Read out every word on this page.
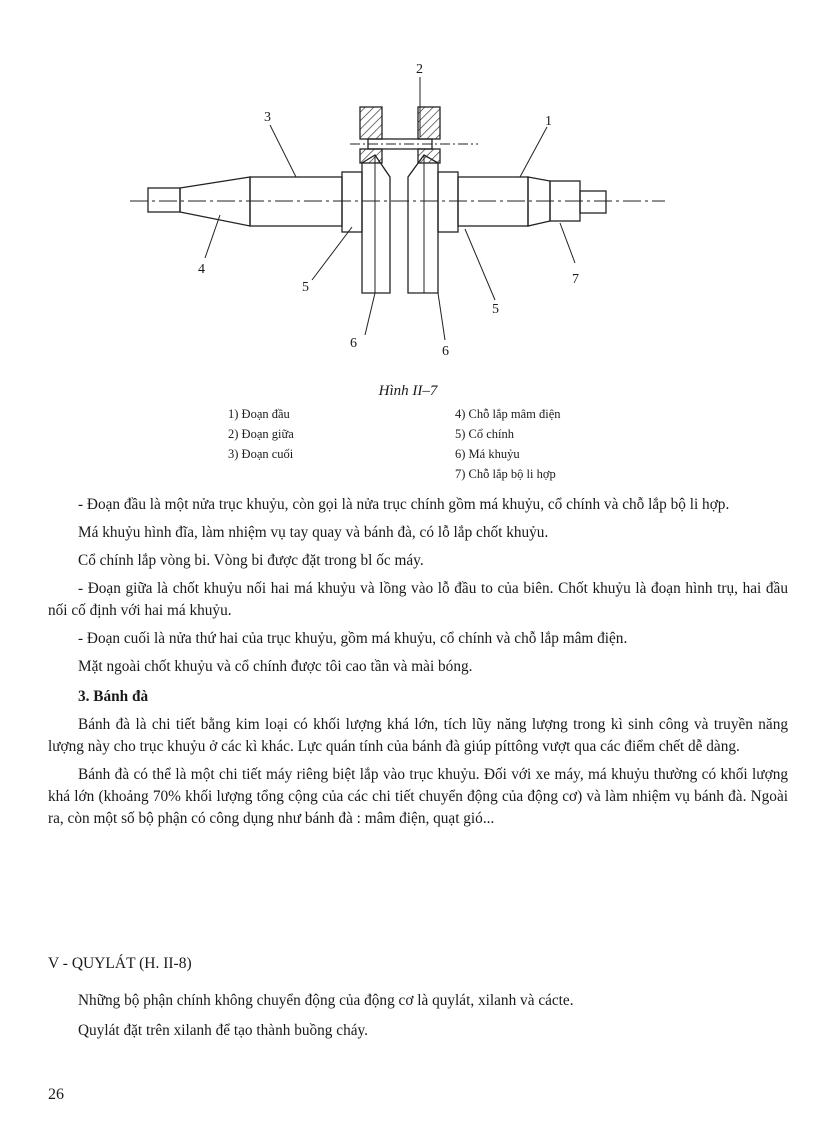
2
3	1
4
5
6
6
5
7
Hình II–7
1) Đoạn đầu
2) Đoạn giữa
3) Đoạn cuối
4) Chỗ lắp mâm điện
5) Cổ chính
6) Má khuỷu
7) Chỗ lắp bộ li hợp

- Đoạn đầu là một nửa trục khuỷu, còn gọi là nửa trục chính gồm má khuỷu, cổ chính và chỗ lắp bộ li hợp.

Má khuỷu hình đĩa, làm nhiệm vụ tay quay và bánh đà, có lỗ lắp chốt khuỷu.

Cổ chính lắp vòng bi. Vòng bi được đặt trong bl ốc máy.

- Đoạn giữa là chốt khuỷu nối hai má khuỷu và lồng vào lỗ đầu to của biên. Chốt khuỷu là đoạn hình trụ, hai đầu nối cố định với hai má khuỷu.

- Đoạn cuối là nửa thứ hai của trục khuỷu, gồm má khuỷu, cổ chính và chỗ lắp mâm điện.

Mặt ngoài chốt khuỷu và cổ chính được tôi cao tần và mài bóng.

3. Bánh đà

Bánh đà là chi tiết bằng kim loại có khối lượng khá lớn, tích lũy năng lượng trong kì sinh công và truyền năng lượng này cho trục khuỷu ở các kì khác. Lực quán tính của bánh đà giúp píttông vượt qua các điểm chết dễ dàng.

Bánh đà có thể là một chi tiết máy riêng biệt lắp vào trục khuỷu. Đối với xe máy, má khuỷu thường có khối lượng khá lớn (khoảng 70% khối lượng tổng cộng của các chi tiết chuyển động của động cơ) và làm nhiệm vụ bánh đà. Ngoài ra, còn một số bộ phận có công dụng như bánh đà : mâm điện, quạt gió...

V - QUYLÁT (H. II-8)

Những bộ phận chính không chuyển động của động cơ là quylát, xilanh và cácte.

Quylát đặt trên xilanh để tạo thành buồng cháy.

26
